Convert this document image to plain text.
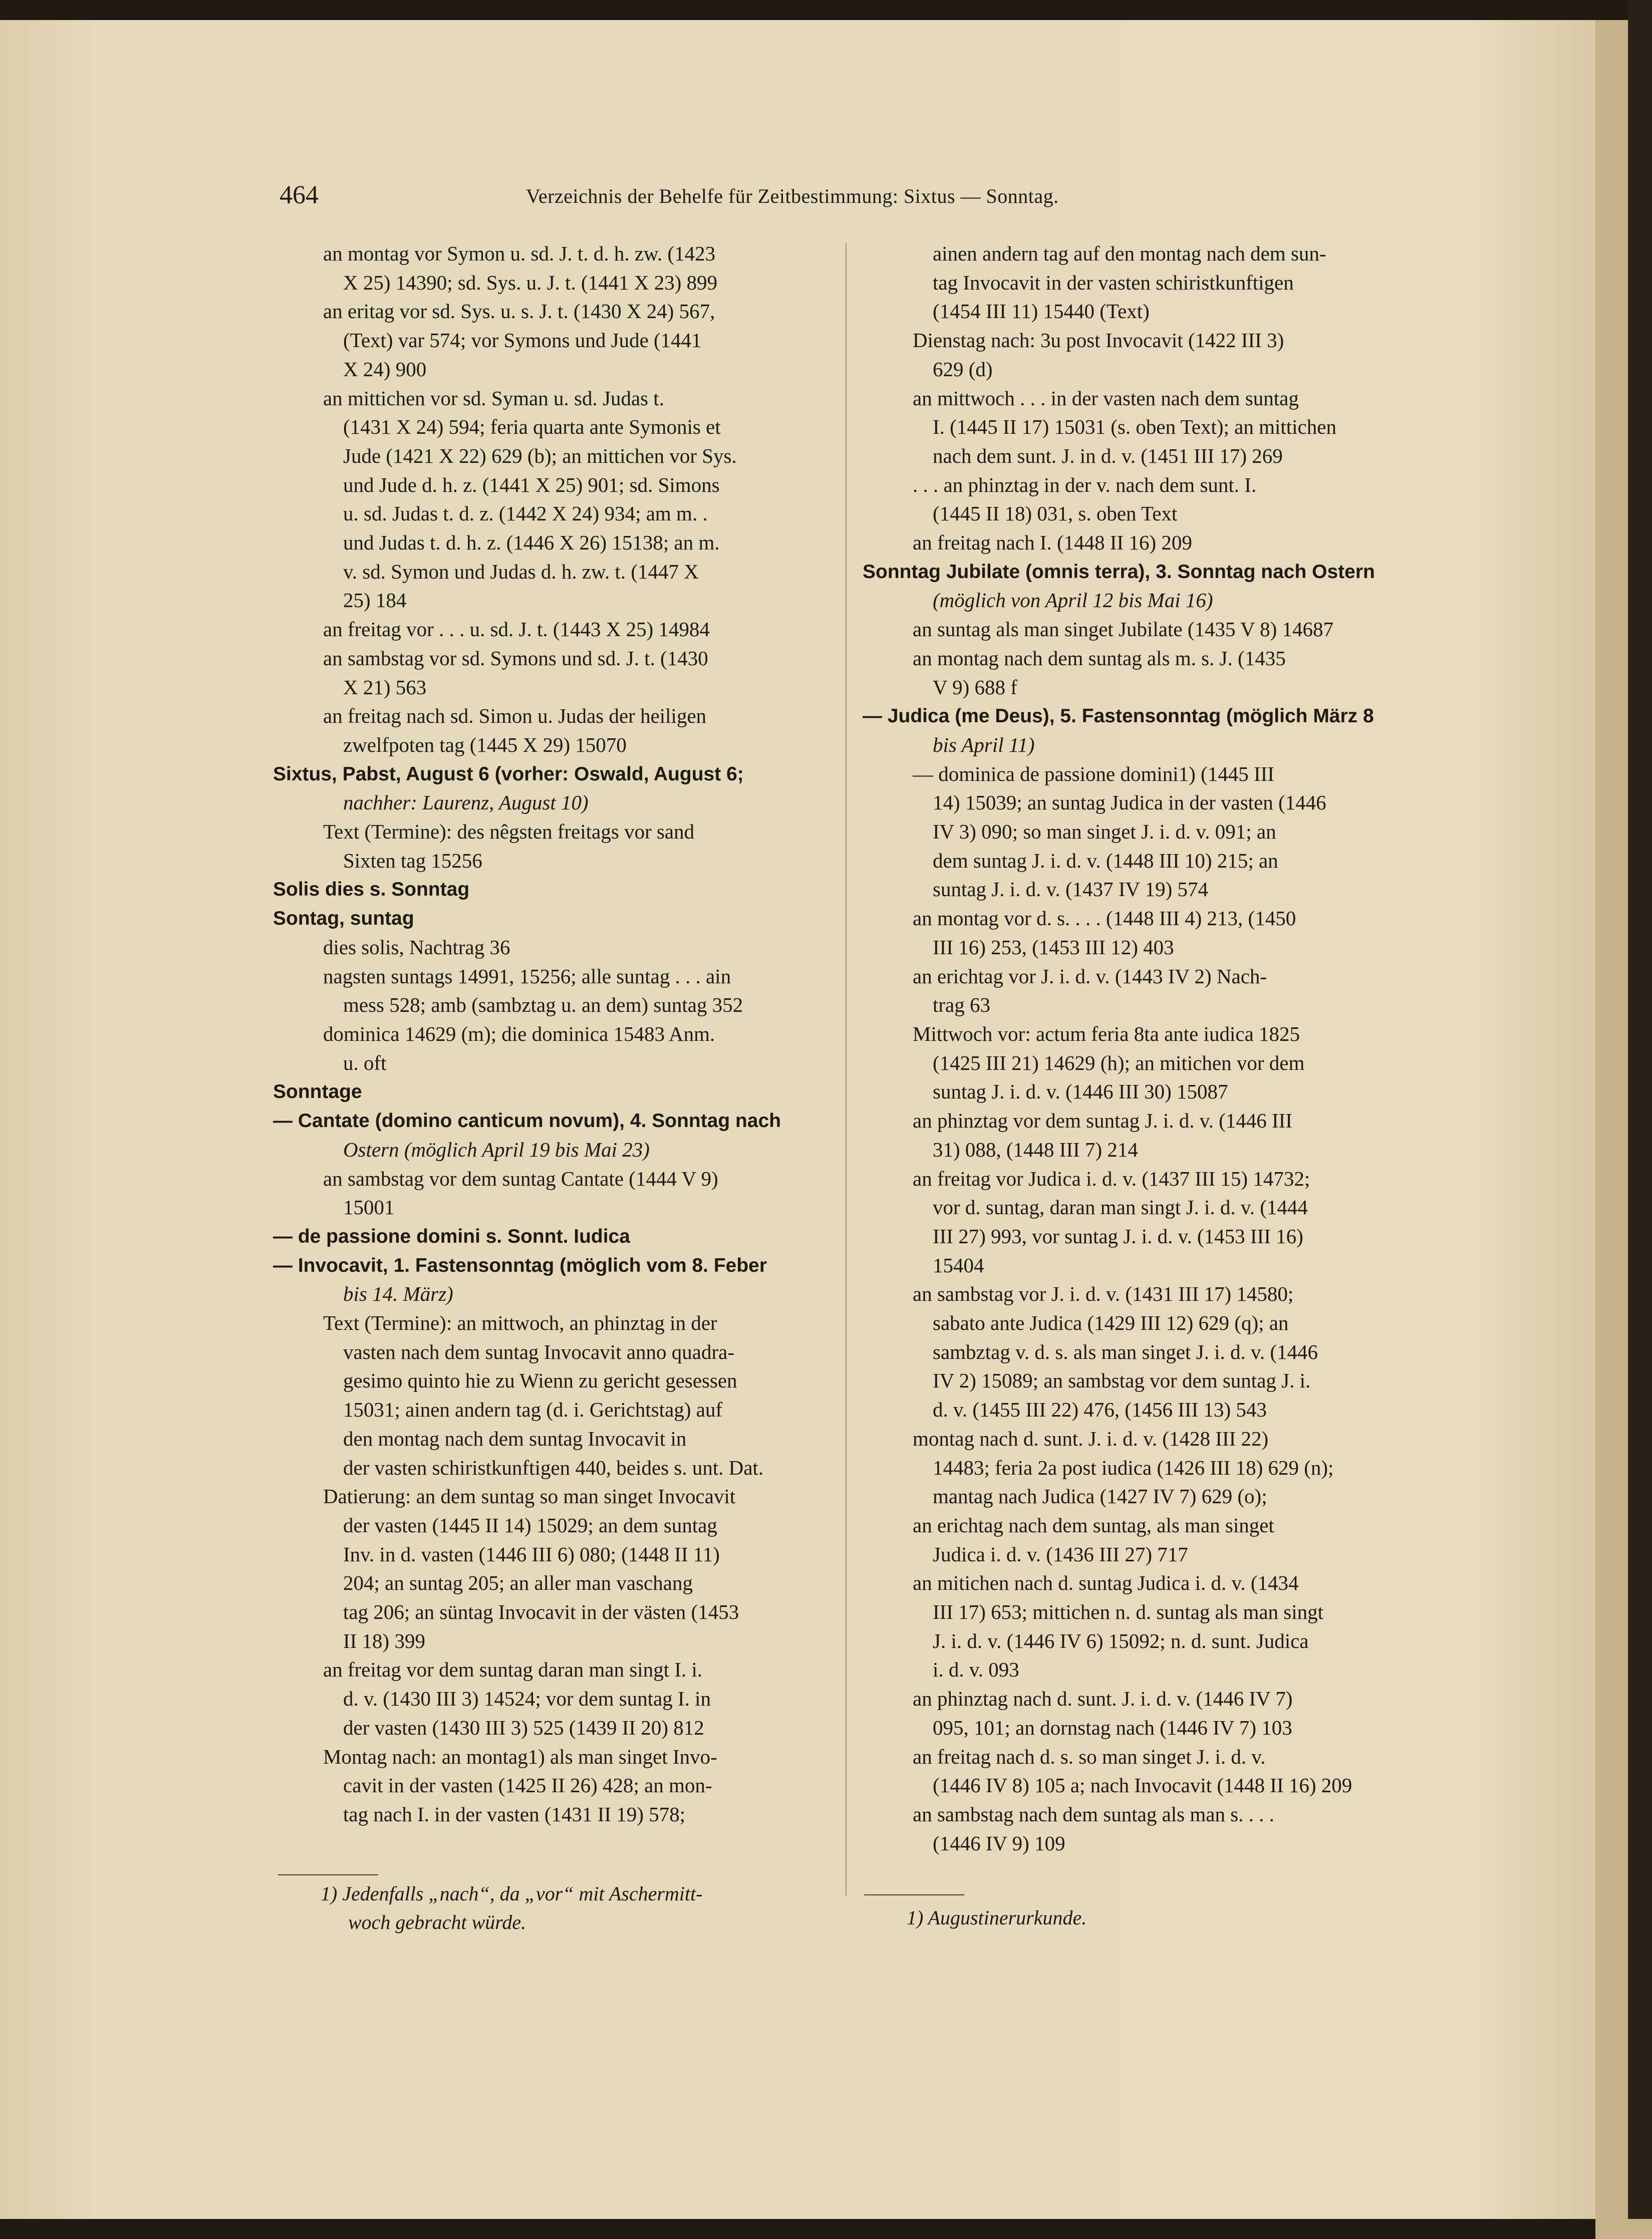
464	Verzeichnis der Behelfe für Zeitbestimmung: Sixtus — Sonntag.
an montag vor Symon u. sd. J. t. d. h. zw. (1423
X 25) 14390; sd. Sys. u. J. t. (1441 X 23) 899
an eritag vor sd. Sys. u. s. J. t. (1430 X 24) 567,
(Text) var 574; vor Symons und Jude (1441
X 24) 900
an mittichen vor sd. Syman u. sd. Judas t.
(1431 X 24) 594; feria quarta ante Symonis et
Jude (1421 X 22) 629 (b); an mittichen vor Sys.
und Jude d. h. z. (1441 X 25) 901; sd. Simons
u. sd. Judas t. d. z. (1442 X 24) 934; am m. .
und Judas t. d. h. z. (1446 X 26) 15138; an m.
v. sd. Symon und Judas d. h. zw. t. (1447 X
25) 184
an freitag vor . . . u. sd. J. t. (1443 X 25) 14984
an sambstag vor sd. Symons und sd. J. t. (1430
X 21) 563
an freitag nach sd. Simon u. Judas der heiligen
zwelfpoten tag (1445 X 29) 15070
Sixtus, Pabst, August 6 (vorher: Oswald, August 6;
nachher: Laurenz, August 10)
Text (Termine): des nêgsten freitags vor sand
Sixten tag 15256
Solis dies s. Sonntag
Sontag, suntag
dies solis, Nachtrag 36
nagsten suntags 14991, 15256; alle suntag . . . ain
mess 528; amb (sambztag u. an dem) suntag 352
dominica 14629 (m); die dominica 15483 Anm.
u. oft
Sonntage
— Cantate (domino canticum novum), 4. Sonntag nach
Ostern (möglich April 19 bis Mai 23)
an sambstag vor dem suntag Cantate (1444 V 9)
15001
— de passione domini s. Sonnt. Iudica
— Invocavit, 1. Fastensonntag (möglich vom 8. Feber
bis 14. März)
Text (Termine): an mittwoch, an phinztag in der
vasten nach dem suntag Invocavit anno quadra-
gesimo quinto hie zu Wienn zu gericht gesessen
15031; ainen andern tag (d. i. Gerichtstag) auf
den montag nach dem suntag Invocavit in
der vasten schiristkunftigen 440, beides s. unt. Dat.
Datierung: an dem suntag so man singet Invocavit
der vasten (1445 II 14) 15029; an dem suntag
Inv. in d. vasten (1446 III 6) 080; (1448 II 11)
204; an suntag 205; an aller man vaschang
tag 206; an süntag Invocavit in der västen (1453
II 18) 399
an freitag vor dem suntag daran man singt I. i.
d. v. (1430 III 3) 14524; vor dem suntag I. in
der vasten (1430 III 3) 525 (1439 II 20) 812
Montag nach: an montag1) als man singet Invo-
cavit in der vasten (1425 II 26) 428; an mon-
tag nach I. in der vasten (1431 II 19) 578;
ainen andern tag auf den montag nach dem sun-
tag Invocavit in der vasten schiristkunftigen
(1454 III 11) 15440 (Text)
Dienstag nach: 3u post Invocavit (1422 III 3)
629 (d)
an mittwoch . . . in der vasten nach dem suntag
I. (1445 II 17) 15031 (s. oben Text); an mittichen
nach dem sunt. J. in d. v. (1451 III 17) 269
. . . an phinztag in der v. nach dem sunt. I.
(1445 II 18) 031, s. oben Text
an freitag nach I. (1448 II 16) 209
Sonntag Jubilate (omnis terra), 3. Sonntag nach Ostern
(möglich von April 12 bis Mai 16)
an suntag als man singet Jubilate (1435 V 8) 14687
an montag nach dem suntag als m. s. J. (1435
V 9) 688 f
— Judica (me Deus), 5. Fastensonntag (möglich März 8
bis April 11)
— dominica de passione domini1) (1445 III
14) 15039; an suntag Judica in der vasten (1446
IV 3) 090; so man singet J. i. d. v. 091; an
dem suntag J. i. d. v. (1448 III 10) 215; an
suntag J. i. d. v. (1437 IV 19) 574
an montag vor d. s. . . . (1448 III 4) 213, (1450
III 16) 253, (1453 III 12) 403
an erichtag vor J. i. d. v. (1443 IV 2) Nach-
trag 63
Mittwoch vor: actum feria 8ta ante iudica 1825
(1425 III 21) 14629 (h); an mitichen vor dem
suntag J. i. d. v. (1446 III 30) 15087
an phinztag vor dem suntag J. i. d. v. (1446 III
31) 088, (1448 III 7) 214
an freitag vor Judica i. d. v. (1437 III 15) 14732;
vor d. suntag, daran man singt J. i. d. v. (1444
III 27) 993, vor suntag J. i. d. v. (1453 III 16)
15404
an sambstag vor J. i. d. v. (1431 III 17) 14580;
sabato ante Judica (1429 III 12) 629 (q); an
sambztag v. d. s. als man singet J. i. d. v. (1446
IV 2) 15089; an sambstag vor dem suntag J. i.
d. v. (1455 III 22) 476, (1456 III 13) 543
montag nach d. sunt. J. i. d. v. (1428 III 22)
14483; feria 2a post iudica (1426 III 18) 629 (n);
mantag nach Judica (1427 IV 7) 629 (o);
an erichtag nach dem suntag, als man singet
Judica i. d. v. (1436 III 27) 717
an mitichen nach d. suntag Judica i. d. v. (1434
III 17) 653; mittichen n. d. suntag als man singt
J. i. d. v. (1446 IV 6) 15092; n. d. sunt. Judica
i. d. v. 093
an phinztag nach d. sunt. J. i. d. v. (1446 IV 7)
095, 101; an dornstag nach (1446 IV 7) 103
an freitag nach d. s. so man singet J. i. d. v.
(1446 IV 8) 105 a; nach Invocavit (1448 II 16) 209
an sambstag nach dem suntag als man s. . . .
(1446 IV 9) 109
1) Jedenfalls „nach“, da „vor“ mit Aschermitt-
woch gebracht würde.	1) Augustinerurkunde.
